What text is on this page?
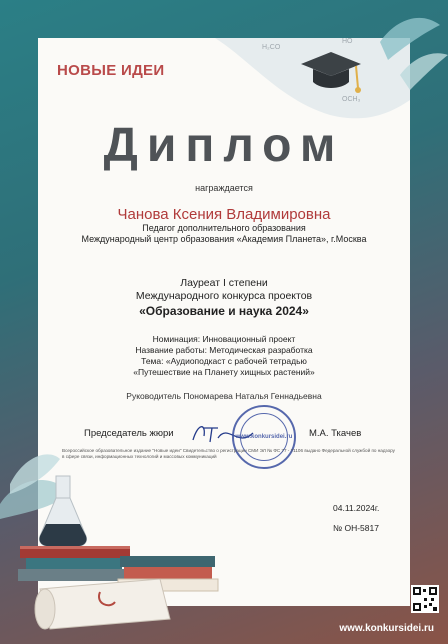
H₂CO
HO
OCH₃
НОВЫЕ ИДЕИ
Диплом
награждается
Чанова Ксения Владимировна
Педагог дополнительного образования
Международный центр образования «Академия Планета», г.Москва
Лауреат I степени
Международного конкурса проектов
«Образование и наука 2024»
Номинация: Инновационный проект
Название работы: Методическая разработка
Тема: «Аудиоподкаст с рабочей тетрадью
«Путешествие на Планету хищных растений»
Руководитель Пономарева Наталья Геннадьевна
Председатель жюри	www.konkursidei.ru М.А. Ткачев
Всероссийское образовательное издание "Новые идеи" Свидетельство о регистрации СМИ ЭЛ № ФС 77 - 71106 выдано Федеральной службой по надзору в сфере связи, информационных технологий и массовых коммуникаций
04.11.2024г.
№ ОН-5817
www.konkursidei.ru
